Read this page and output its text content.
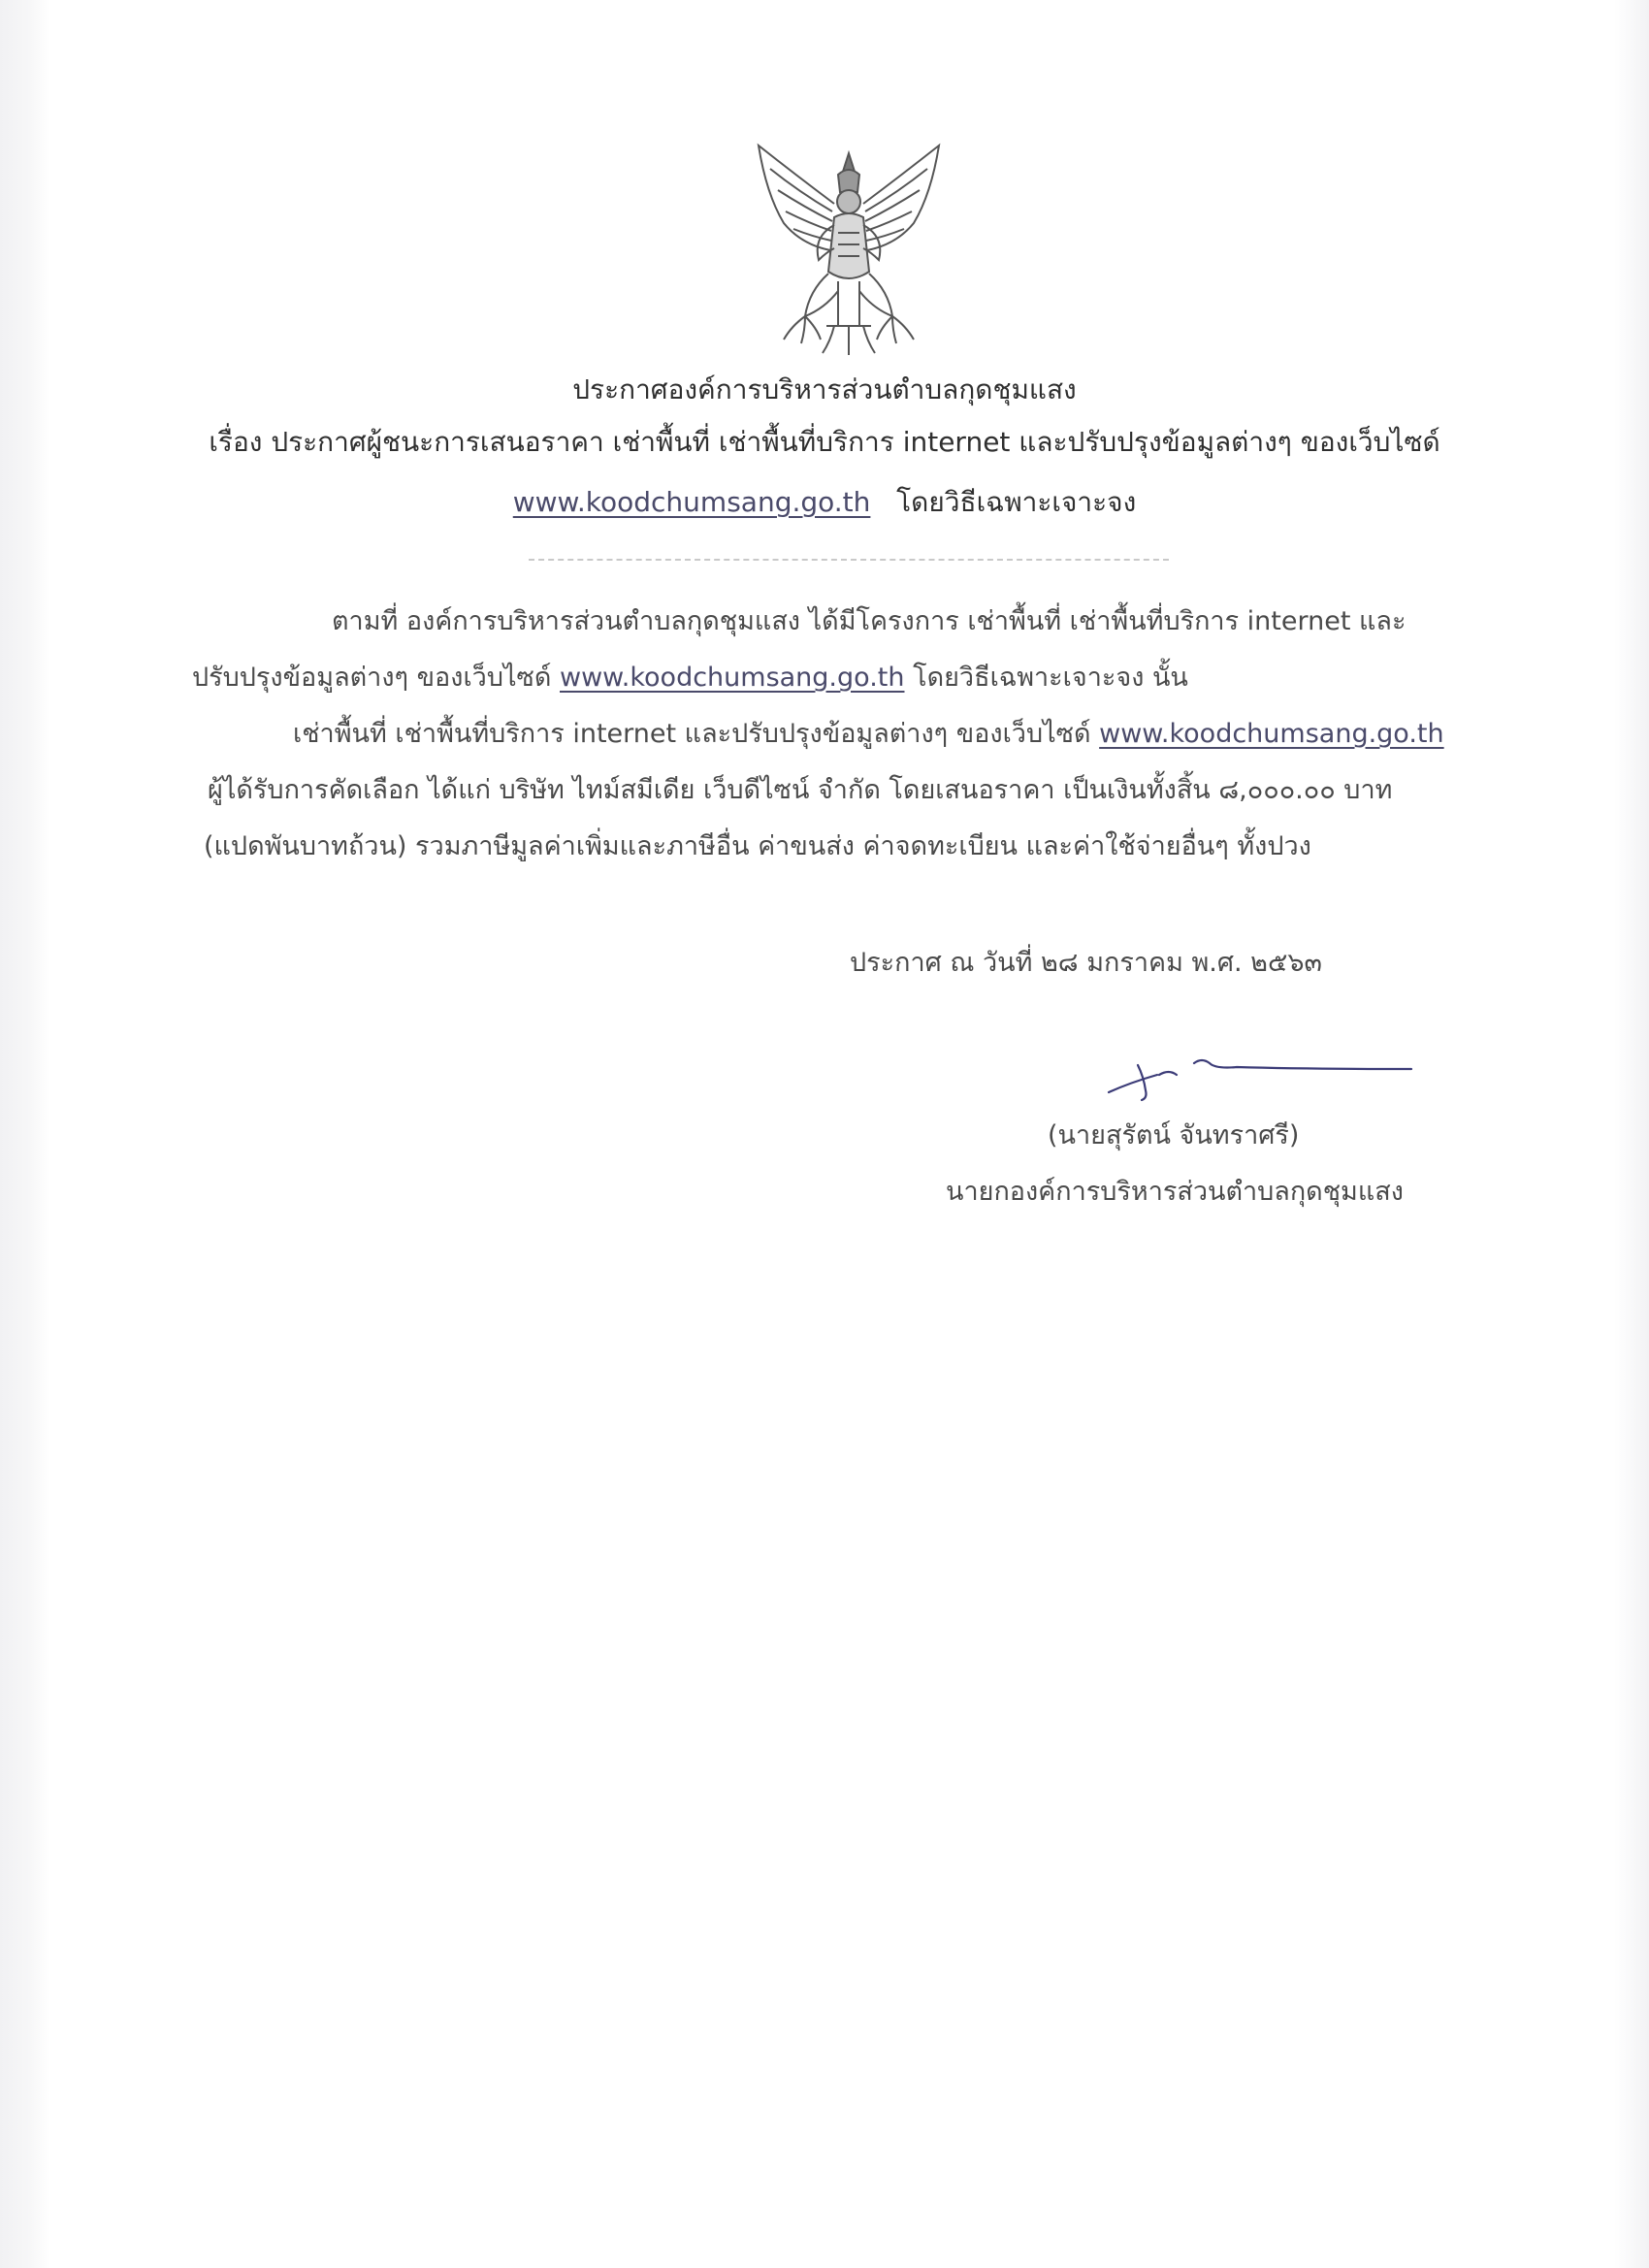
ประกาศองค์การบริหารส่วนตำบลกุดชุมแสง
เรื่อง ประกาศผู้ชนะการเสนอราคา เช่าพื้นที่ เช่าพื้นที่บริการ internet และปรับปรุงข้อมูลต่างๆ ของเว็บไซด์
www.koodchumsang.go.th โดยวิธีเฉพาะเจาะจง
ตามที่ องค์การบริหารส่วนตำบลกุดชุมแสง ได้มีโครงการ เช่าพื้นที่ เช่าพื้นที่บริการ internet และ
ปรับปรุงข้อมูลต่างๆ ของเว็บไซด์ www.koodchumsang.go.th โดยวิธีเฉพาะเจาะจง นั้น
เช่าพื้นที่ เช่าพื้นที่บริการ internet และปรับปรุงข้อมูลต่างๆ ของเว็บไซด์ www.koodchumsang.go.th
ผู้ได้รับการคัดเลือก ได้แก่ บริษัท ไทม์สมีเดีย เว็บดีไซน์ จำกัด โดยเสนอราคา เป็นเงินทั้งสิ้น ๘,๐๐๐.๐๐ บาท
(แปดพันบาทถ้วน) รวมภาษีมูลค่าเพิ่มและภาษีอื่น ค่าขนส่ง ค่าจดทะเบียน และค่าใช้จ่ายอื่นๆ ทั้งปวง
ประกาศ ณ วันที่ ๒๘ มกราคม พ.ศ. ๒๕๖๓
(นายสุรัตน์ จันทราศรี)
นายกองค์การบริหารส่วนตำบลกุดชุมแสง
